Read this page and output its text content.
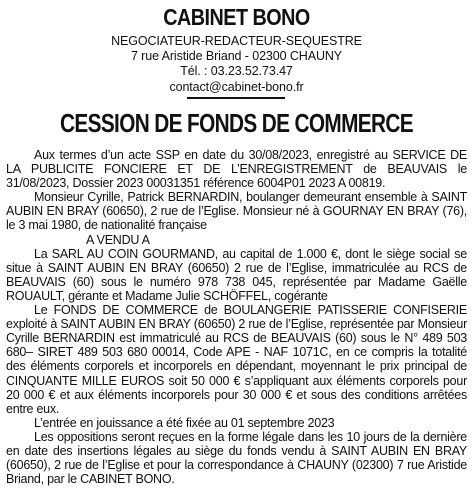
CABINET BONO
NEGOCIATEUR-REDACTEUR-SEQUESTRE
7 rue Aristide Briand - 02300 CHAUNY
Tél. : 03.23.52.73.47
contact@cabinet-bono.fr
CESSION DE FONDS DE COMMERCE

Aux termes d’un acte SSP en date du 30/08/2023, enregistré au SERVICE DE LA PUBLICITE FONCIERE ET DE L’ENREGISTREMENT de BEAUVAIS le 31/08/2023, Dossier 2023 00031351 référence 6004P01 2023 A 00819.

Monsieur Cyrille, Patrick BERNARDIN, boulanger demeurant ensemble à SAINT AUBIN EN BRAY (60650), 2 rue de l’Eglise. Monsieur né à GOURNAY EN BRAY (76), le 3 mai 1980, de nationalité française

A VENDU A

La SARL AU COIN GOURMAND, au capital de 1.000 €, dont le siège social se situe à SAINT AUBIN EN BRAY (60650) 2 rue de l’Eglise, immatriculée au RCS de BEAUVAIS (60) sous le numéro 978 738 045, représentée par Madame Gaëlle ROUAULT, gérante et Madame Julie SCHÖFFEL, cogérante

Le FONDS DE COMMERCE de BOULANGERIE PATISSERIE CONFISERIE exploité à SAINT AUBIN EN BRAY (60650) 2 rue de l’Eglise, représentée par Monsieur Cyrille BERNARDIN est immatriculé au RCS de BEAUVAIS (60) sous le N° 489 503 680– SIRET 489 503 680 00014, Code APE - NAF 1071C, en ce compris la totalité des éléments corporels et incorporels en dépendant, moyennant le prix principal de CINQUANTE MILLE EUROS soit 50 000 € s’appliquant aux éléments corporels pour 20 000 € et aux éléments incorporels pour 30 000 € et sous des conditions arrêtées entre eux.

L’entrée en jouissance a été fixée au 01 septembre 2023

Les oppositions seront reçues en la forme légale dans les 10 jours de la dernière en date des insertions légales au siège du fonds vendu à SAINT AUBIN EN BRAY (60650), 2 rue de l’Eglise et pour la correspondance à CHAUNY (02300) 7 rue Aristide Briand, par le CABINET BONO.
